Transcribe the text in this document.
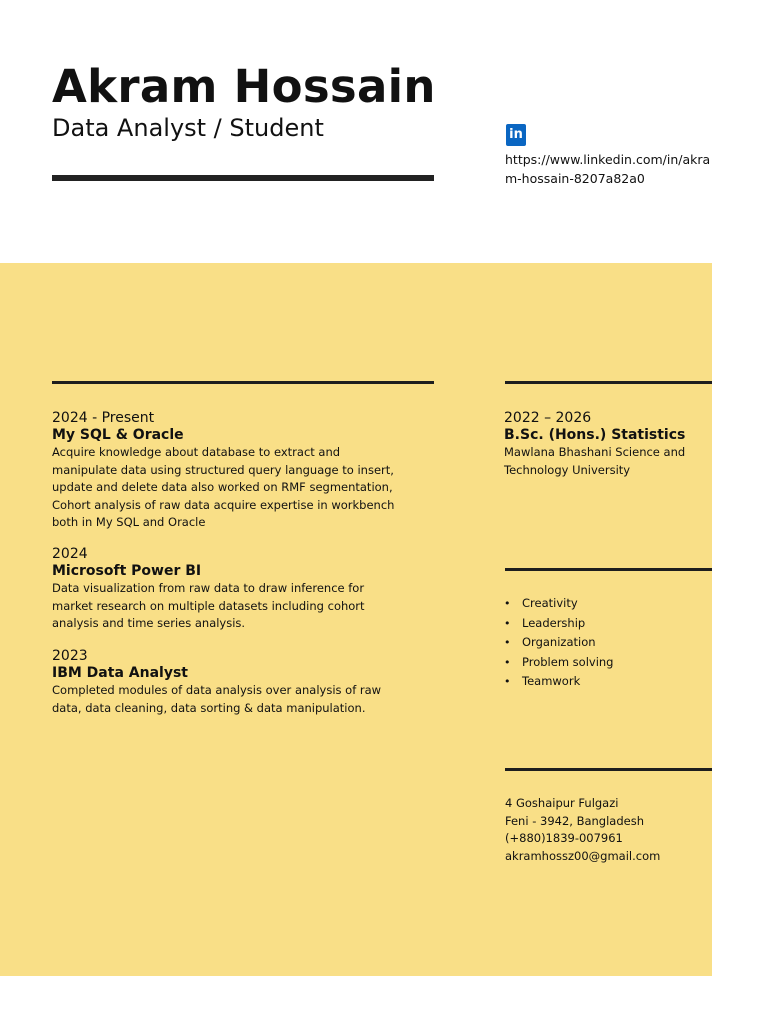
Akram Hossain
Data Analyst / Student	in
https://www.linkedin.com/in/akram-hossain-8207a82a0
2024 - Present
My SQL & Oracle
Acquire knowledge about database to extract and manipulate data using structured query language to insert, update and delete data also worked on RMF segmentation, Cohort analysis of raw data acquire expertise in workbench both in My SQL and Oracle
2024
Microsoft Power BI
Data visualization from raw data to draw inference for market research on multiple datasets including cohort analysis and time series analysis.
2023
IBM Data Analyst
Completed modules of data analysis over analysis of raw data, data cleaning, data sorting & data manipulation.
2022 – 2026
B.Sc. (Hons.) Statistics
Mawlana Bhashani Science and Technology University
• Creativity
• Leadership
• Organization
• Problem solving
• Teamwork
4 Goshaipur Fulgazi
Feni - 3942, Bangladesh
(+880)1839-007961
akramhossz00@gmail.com
